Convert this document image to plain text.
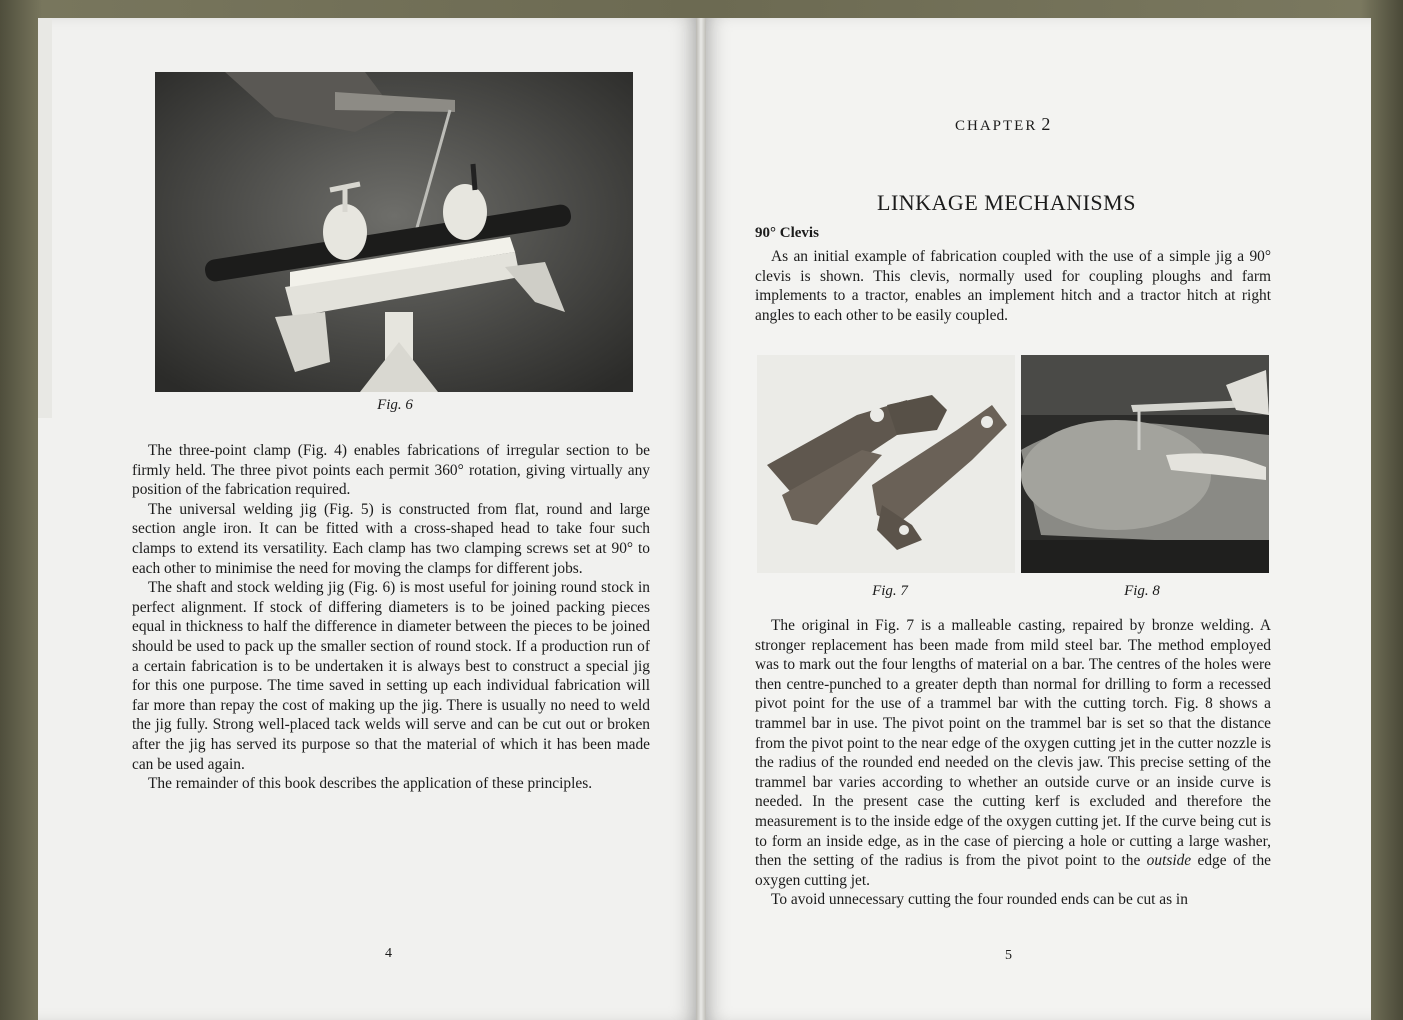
Fig. 6

The three-point clamp (Fig. 4) enables fabrications of irregular section to be firmly held. The three pivot points each permit 360° rotation, giving virtually any position of the fabrication required.

The universal welding jig (Fig. 5) is constructed from flat, round and large section angle iron. It can be fitted with a cross-shaped head to take four such clamps to extend its versatility. Each clamp has two clamping screws set at 90° to each other to minimise the need for moving the clamps for different jobs.

The shaft and stock welding jig (Fig. 6) is most useful for joining round stock in perfect alignment. If stock of differing diameters is to be joined packing pieces equal in thickness to half the difference in diameter between the pieces to be joined should be used to pack up the smaller section of round stock. If a production run of a certain fabrication is to be undertaken it is always best to construct a special jig for this one purpose. The time saved in setting up each individual fabrication will far more than repay the cost of making up the jig. There is usually no need to weld the jig fully. Strong well-placed tack welds will serve and can be cut out or broken after the jig has served its purpose so that the material of which it has been made can be used again.

The remainder of this book describes the application of these principles.

4
CHAPTER 2
LINKAGE MECHANISMS
90° Clevis

As an initial example of fabrication coupled with the use of a simple jig a 90° clevis is shown. This clevis, normally used for coupling ploughs and farm implements to a tractor, enables an implement hitch and a tractor hitch at right angles to each other to be easily coupled.

Fig. 7	Fig. 8

The original in Fig. 7 is a malleable casting, repaired by bronze welding. A stronger replacement has been made from mild steel bar. The method employed was to mark out the four lengths of material on a bar. The centres of the holes were then centre-punched to a greater depth than normal for drilling to form a recessed pivot point for the use of a trammel bar with the cutting torch. Fig. 8 shows a trammel bar in use. The pivot point on the trammel bar is set so that the distance from the pivot point to the near edge of the oxygen cutting jet in the cutter nozzle is the radius of the rounded end needed on the clevis jaw. This precise setting of the trammel bar varies according to whether an outside curve or an inside curve is needed. In the present case the cutting kerf is excluded and therefore the measurement is to the inside edge of the oxygen cutting jet. If the curve being cut is to form an inside edge, as in the case of piercing a hole or cutting a large washer, then the setting of the radius is from the pivot point to the outside edge of the oxygen cutting jet.

To avoid unnecessary cutting the four rounded ends can be cut as in

5
